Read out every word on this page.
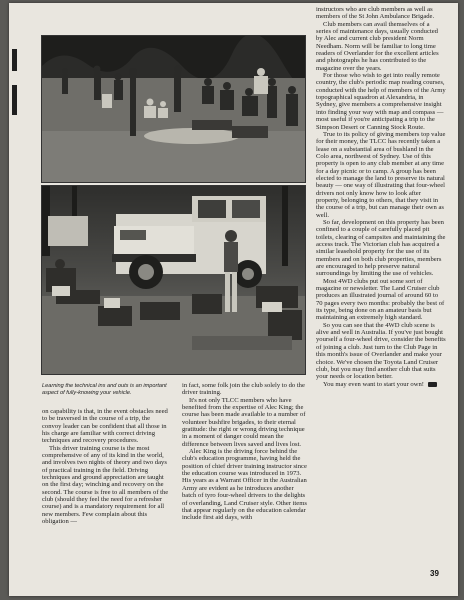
Learning the technical ins and outs is an important aspect of fully-knowing your vehicle.

on capability is that, in the event obstacles need to be traversed in the course of a trip, the convoy leader can be confident that all those in his charge are familiar with correct driving techniques and recovery procedures.

This driver training course is the most comprehensive of any of its kind in the world, and involves two nights of theory and two days of practical training in the field. Driving techniques and ground appreciation are taught on the first day; winching and recovery on the second. The course is free to all members of the club (should they feel the need for a refresher course) and is a mandatory requirement for all new members. Few complain about this obligation —

in fact, some folk join the club solely to do the driver training.

It's not only TLCC members who have benefited from the expertise of Alec King; the course has been made available to a number of volunteer bushfire brigades, to their eternal gratitude: the right or wrong driving technique in a moment of danger could mean the difference between lives saved and lives lost.

Alec King is the driving force behind the club's education programme, having held the position of chief driver training instructor since the education course was introduced in 1973. His years as a Warrant Officer in the Australian Army are evident as he introduces another batch of tyro four-wheel drivers to the delights of overlanding, Land Cruiser style. Other items that appear regularly on the education calendar include first aid days, with

instructors who are club members as well as members of the St John Ambulance Brigade.

Club members can avail themselves of a series of maintenance days, usually conducted by Alec and current club president Norm Needham. Norm will be familiar to long time readers of Overlander for the excellent articles and photographs he has contributed to the magazine over the years.

For those who wish to get into really remote country, the club's periodic map reading courses, conducted with the help of members of the Army topographical squadron at Alexandria, in Sydney, give members a comprehensive insight into finding your way with map and compass — most useful if you're anticipating a trip to the Simpson Desert or Canning Stock Route.

True to its policy of giving members top value for their money, the TLCC has recently taken a lease on a substantial area of bushland in the Colo area, northwest of Sydney. Use of this property is open to any club member at any time for a day picnic or to camp. A group has been elected to manage the land to preserve its natural beauty — one way of illustrating that four-wheel drivers not only know how to look after property, belonging to others, that they visit in the course of a trip, but can manage their own as well.

So far, development on this property has been confined to a couple of carefully placed pit toilets, clearing of campsites and maintaining the access track. The Victorian club has acquired a similar leasehold property for the use of its members and on both club properties, members are encouraged to help preserve natural surroundings by limiting the use of vehicles.

Most 4WD clubs put out some sort of magazine or newsletter. The Land Cruiser club produces an illustrated journal of around 60 to 70 pages every two months: probably the best of its type, being done on an amateur basis but maintaining an extremely high standard.

So you can see that the 4WD club scene is alive and well in Australia. If you've just bought yourself a four-wheel drive, consider the benefits of joining a club. Just turn to the Club Page in this month's issue of Overlander and make your choice. We've chosen the Toyota Land Cruiser club, but you may find another club that suits your needs or location better.

You may even want to start your own!

39
